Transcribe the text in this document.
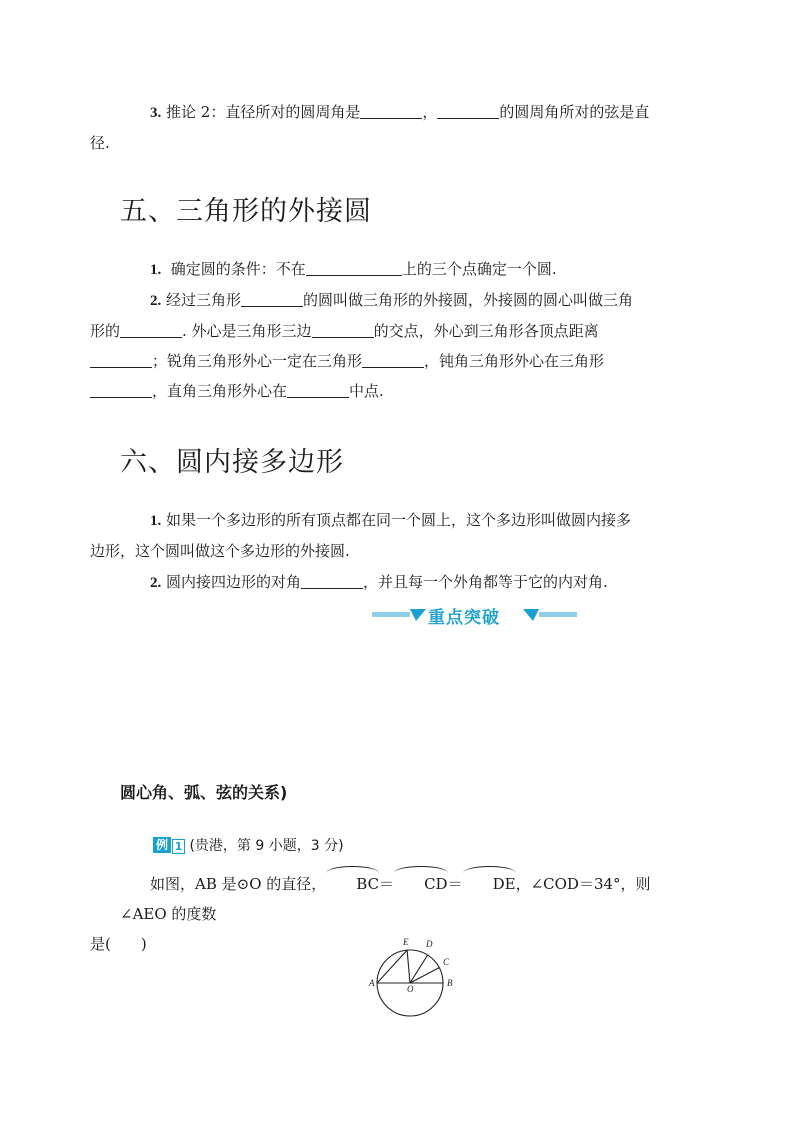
3. 推论 2：直径所对的圆周角是	，	的圆周角所对的弦是直
径.

五、三角形的外接圆

1. 确定圆的条件：不在	上的三个点确定一个圆.

2. 经过三角形	的圆叫做三角形的外接圆，外接圆的圆心叫做三角
形的	. 外心是三角形三边	的交点，外心到三角形各顶点距离
；锐角三角形外心一定在三角形	，钝角三角形外心在三角形
，直角三角形外心在	中点.

六、圆内接多边形

1. 如果一个多边形的所有顶点都在同一个圆上，这个多边形叫做圆内接多
边形，这个圆叫做这个多边形的外接圆.

2. 圆内接四边形的对角	，并且每一个外角都等于它的内对角.

重点突破
圆心角、弧、弦的关系)
例 1 (贵港，第 9 小题，3 分)

如图，AB 是⊙O 的直径， BC＝ CD＝ DE，∠COD＝34°，则∠AEO 的度数
是(　　)

A	B
O
C
D
E
